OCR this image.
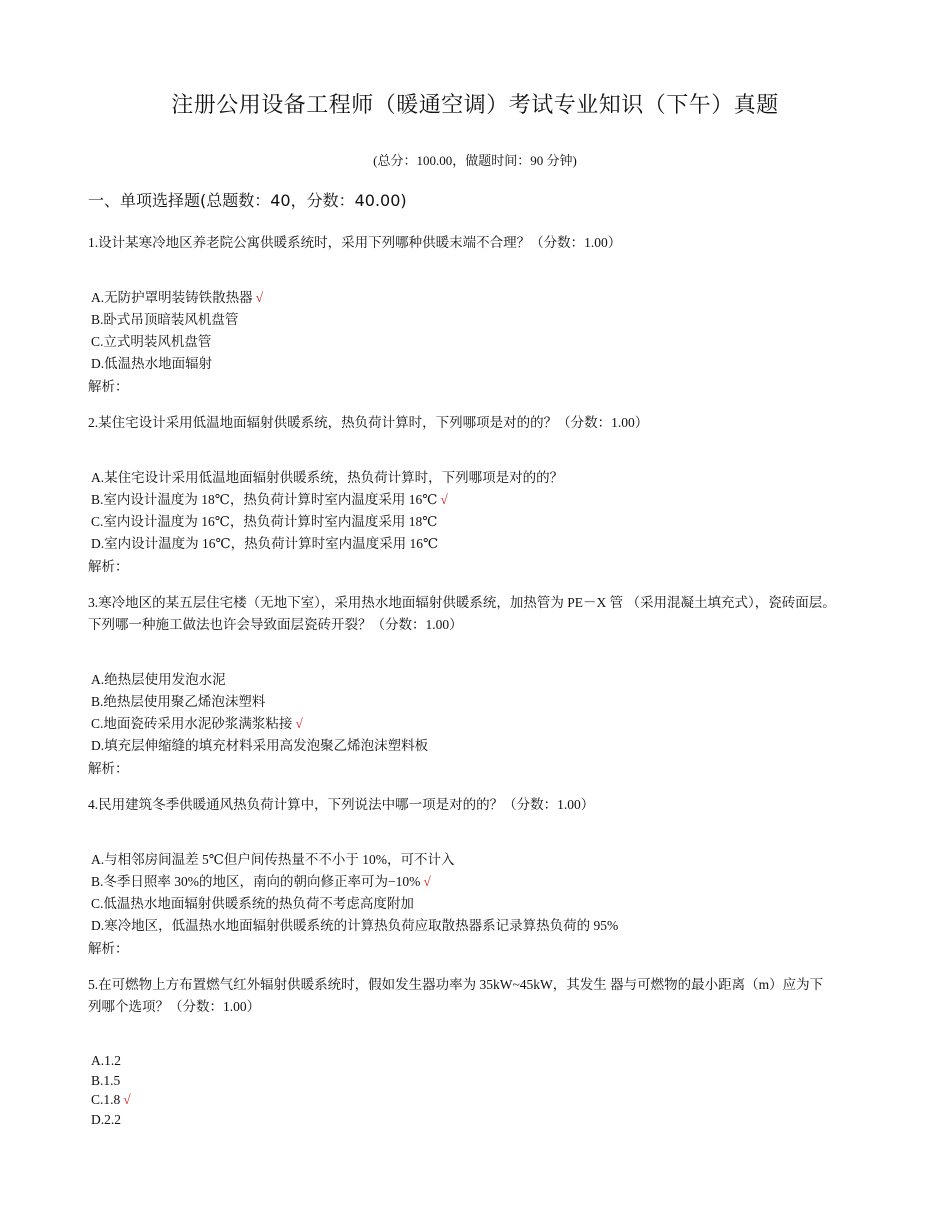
注册公用设备工程师（暖通空调）考试专业知识（下午）真题
(总分：100.00，做题时间：90 分钟)
一、单项选择题(总题数：40，分数：40.00)
1.设计某寒冷地区养老院公寓供暖系统时，采用下列哪种供暖末端不合理？（分数：1.00）
A.无防护罩明装铸铁散热器 √
B.卧式吊顶暗装风机盘管
C.立式明装风机盘管
D.低温热水地面辐射
解析：
2.某住宅设计采用低温地面辐射供暖系统，热负荷计算时，下列哪项是对的的？（分数：1.00）
A.某住宅设计采用低温地面辐射供暖系统，热负荷计算时，下列哪项是对的的？
B.室内设计温度为 18℃，热负荷计算时室内温度采用 16℃ √
C.室内设计温度为 16℃，热负荷计算时室内温度采用 18℃
D.室内设计温度为 16℃，热负荷计算时室内温度采用 16℃
解析：
3.寒冷地区的某五层住宅楼（无地下室），采用热水地面辐射供暖系统，加热管为 PE－X 管 （采用混凝土填充式），瓷砖面层。
下列哪一种施工做法也许会导致面层瓷砖开裂？（分数：1.00）
A.绝热层使用发泡水泥
B.绝热层使用聚乙烯泡沫塑料
C.地面瓷砖采用水泥砂浆满浆粘接 √
D.填充层伸缩缝的填充材料采用高发泡聚乙烯泡沫塑料板
解析：
4.民用建筑冬季供暖通风热负荷计算中，下列说法中哪一项是对的的？（分数：1.00）
A.与相邻房间温差 5℃但户间传热量不不小于 10%，可不计入
B.冬季日照率 30%的地区，南向的朝向修正率可为−10% √
C.低温热水地面辐射供暖系统的热负荷不考虑高度附加
D.寒冷地区，低温热水地面辐射供暖系统的计算热负荷应取散热器系记录算热负荷的 95%
解析：
5.在可燃物上方布置燃气红外辐射供暖系统时，假如发生器功率为 35kW~45kW，其发生 器与可燃物的最小距离（m）应为下
列哪个选项？（分数：1.00）
A.1.2
B.1.5
C.1.8 √
D.2.2
